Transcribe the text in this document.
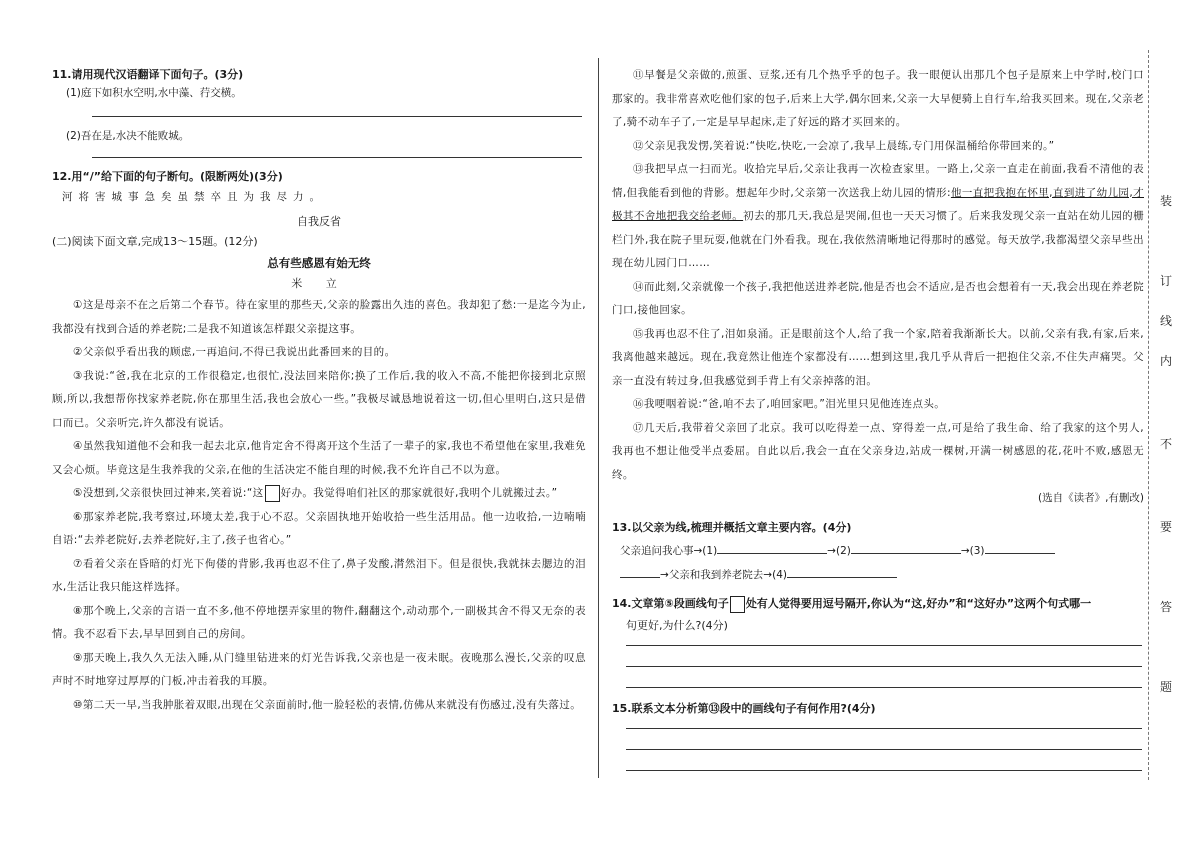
11.请用现代汉语翻译下面句子。(3分)

(1)庭下如积水空明,水中藻、荇交横。

(2)吾在是,水决不能败城。

12.用“/”给下面的句子断句。(限断两处)(3分)

河将害城事急矣虽禁卒且为我尽力。

自我反省

(二)阅读下面文章,完成13～15题。(12分)

总有些感恩有始无终

米 立

①这是母亲不在之后第二个春节。待在家里的那些天,父亲的脸露出久违的喜色。我却犯了愁:一是迄今为止,我都没有找到合适的养老院;二是我不知道该怎样跟父亲提这事。

②父亲似乎看出我的顾虑,一再追问,不得已我说出此番回来的目的。

③我说:“爸,我在北京的工作很稳定,也很忙,没法回来陪你;换了工作后,我的收入不高,不能把你接到北京照顾,所以,我想帮你找家养老院,你在那里生活,我也会放心一些。”我极尽诚恳地说着这一切,但心里明白,这只是借口而已。父亲听完,许久都没有说话。

④虽然我知道他不会和我一起去北京,他肯定舍不得离开这个生活了一辈子的家,我也不希望他在家里,我难免又会心烦。毕竟这是生我养我的父亲,在他的生活决定不能自理的时候,我不允许自己不以为意。

⑤没想到,父亲很快回过神来,笑着说:“这 好办。我觉得咱们社区的那家就很好,我明个儿就搬过去。”

⑥那家养老院,我考察过,环境太差,我于心不忍。父亲固执地开始收拾一些生活用品。他一边收拾,一边喃喃自语:“去养老院好,去养老院好,主了,孩子也省心。”

⑦看着父亲在昏暗的灯光下佝偻的背影,我再也忍不住了,鼻子发酸,潸然泪下。但是很快,我就抹去腮边的泪水,生活让我只能这样选择。

⑧那个晚上,父亲的言语一直不多,他不停地摆弄家里的物件,翻翻这个,动动那个,一副极其舍不得又无奈的表情。我不忍看下去,早早回到自己的房间。

⑨那天晚上,我久久无法入睡,从门缝里钻进来的灯光告诉我,父亲也是一夜未眠。夜晚那么漫长,父亲的叹息声时不时地穿过厚厚的门板,冲击着我的耳膜。

⑩第二天一早,当我肿胀着双眼,出现在父亲面前时,他一脸轻松的表情,仿佛从来就没有伤感过,没有失落过。

⑪早餐是父亲做的,煎蛋、豆浆,还有几个热乎乎的包子。我一眼便认出那几个包子是原来上中学时,校门口那家的。我非常喜欢吃他们家的包子,后来上大学,偶尔回来,父亲一大早便骑上自行车,给我买回来。现在,父亲老了,骑不动车子了,一定是早早起床,走了好远的路才买回来的。

⑫父亲见我发愣,笑着说:“快吃,快吃,一会凉了,我早上晨练,专门用保温桶给你带回来的。”

⑬我把早点一扫而光。收拾完早后,父亲让我再一次检查家里。一路上,父亲一直走在前面,我看不清他的表情,但我能看到他的背影。想起年少时,父亲第一次送我上幼儿园的情形:他一直把我抱在怀里,直到进了幼儿园,才极其不舍地把我交给老师。初去的那几天,我总是哭闹,但也一天天习惯了。后来我发现父亲一直站在幼儿园的栅栏门外,我在院子里玩耍,他就在门外看我。现在,我依然清晰地记得那时的感觉。每天放学,我都渴望父亲早些出现在幼儿园门口……

⑭而此刻,父亲就像一个孩子,我把他送进养老院,他是否也会不适应,是否也会想着有一天,我会出现在养老院门口,接他回家。

⑮我再也忍不住了,泪如泉涌。正是眼前这个人,给了我一个家,陪着我渐渐长大。以前,父亲有我,有家,后来,我离他越来越远。现在,我竟然让他连个家都没有……想到这里,我几乎从背后一把抱住父亲,不住失声痛哭。父亲一直没有转过身,但我感觉到手背上有父亲掉落的泪。

⑯我哽咽着说:“爸,咱不去了,咱回家吧。”泪光里只见他连连点头。

⑰几天后,我带着父亲回了北京。我可以吃得差一点、穿得差一点,可是给了我生命、给了我家的这个男人,我再也不想让他受半点委屈。自此以后,我会一直在父亲身边,站成一棵树,开满一树感恩的花,花叶不败,感恩无终。

(选自《读者》,有删改)

13.以父亲为线,梳理并概括文章主要内容。(4分)

父亲追问我心事→(1)	→(2)	→(3)

→父亲和我到养老院去→(4)

14.文章第⑤段画线句子 处有人觉得要用逗号隔开,你认为“这,好办”和“这好办”这两个句式哪一

句更好,为什么?(4分)

15.联系文本分析第⑬段中的画线句子有何作用?(4分)

装
订
线
内
不
要
答
题
